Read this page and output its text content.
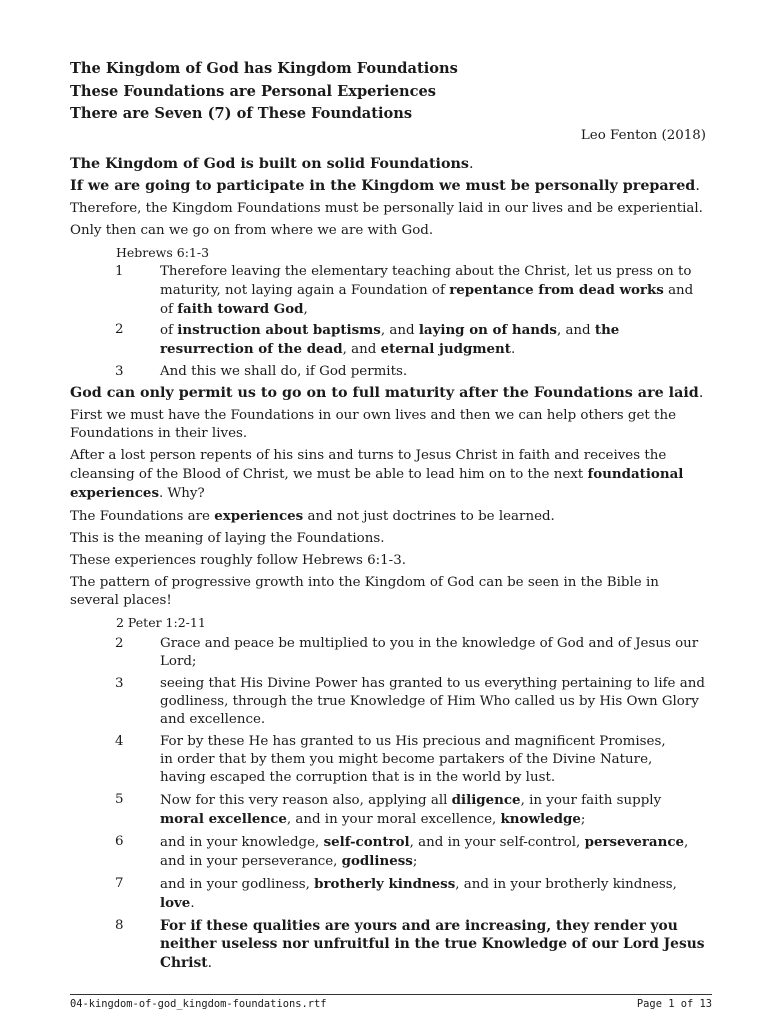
The Kingdom of God has Kingdom Foundations

These Foundations are Personal Experiences

There are Seven (7) of These Foundations

Leo Fenton (2018)

The Kingdom of God is built on solid Foundations.

If we are going to participate in the Kingdom we must be personally prepared.

Therefore, the Kingdom Foundations must be personally laid in our lives and be experiential.

Only then can we go on from where we are with God.

Hebrews 6:1-3
1	Therefore leaving the elementary teaching about the Christ, let us press on to maturity, not laying again a Foundation of repentance from dead works and of faith toward God,
2	of instruction about baptisms, and laying on of hands, and the resurrection of the dead, and eternal judgment.
3	And this we shall do, if God permits.

God can only permit us to go on to full maturity after the Foundations are laid.

First we must have the Foundations in our own lives and then we can help others get the Foundations in their lives.

After a lost person repents of his sins and turns to Jesus Christ in faith and receives the cleansing of the Blood of Christ, we must be able to lead him on to the next foundational experiences. Why?

The Foundations are experiences and not just doctrines to be learned.

This is the meaning of laying the Foundations.

These experiences roughly follow Hebrews 6:1-3.

The pattern of progressive growth into the Kingdom of God can be seen in the Bible in several places!

2 Peter 1:2-11
2	Grace and peace be multiplied to you in the knowledge of God and of Jesus our Lord;
3	seeing that His Divine Power has granted to us everything pertaining to life and godliness, through the true Knowledge of Him Who called us by His Own Glory and excellence.
4	For by these He has granted to us His precious and magnificent Promises,
in order that by them you might become partakers of the Divine Nature,
having escaped the corruption that is in the world by lust.
5	Now for this very reason also, applying all diligence, in your faith supply moral excellence, and in your moral excellence, knowledge;
6	and in your knowledge, self-control, and in your self-control, perseverance, and in your perseverance, godliness;
7	and in your godliness, brotherly kindness, and in your brotherly kindness, love.
8	For if these qualities are yours and are increasing, they render you neither useless nor unfruitful in the true Knowledge of our Lord Jesus Christ.
04-kingdom-of-god_kingdom-foundations.rtf	Page 1 of 13
